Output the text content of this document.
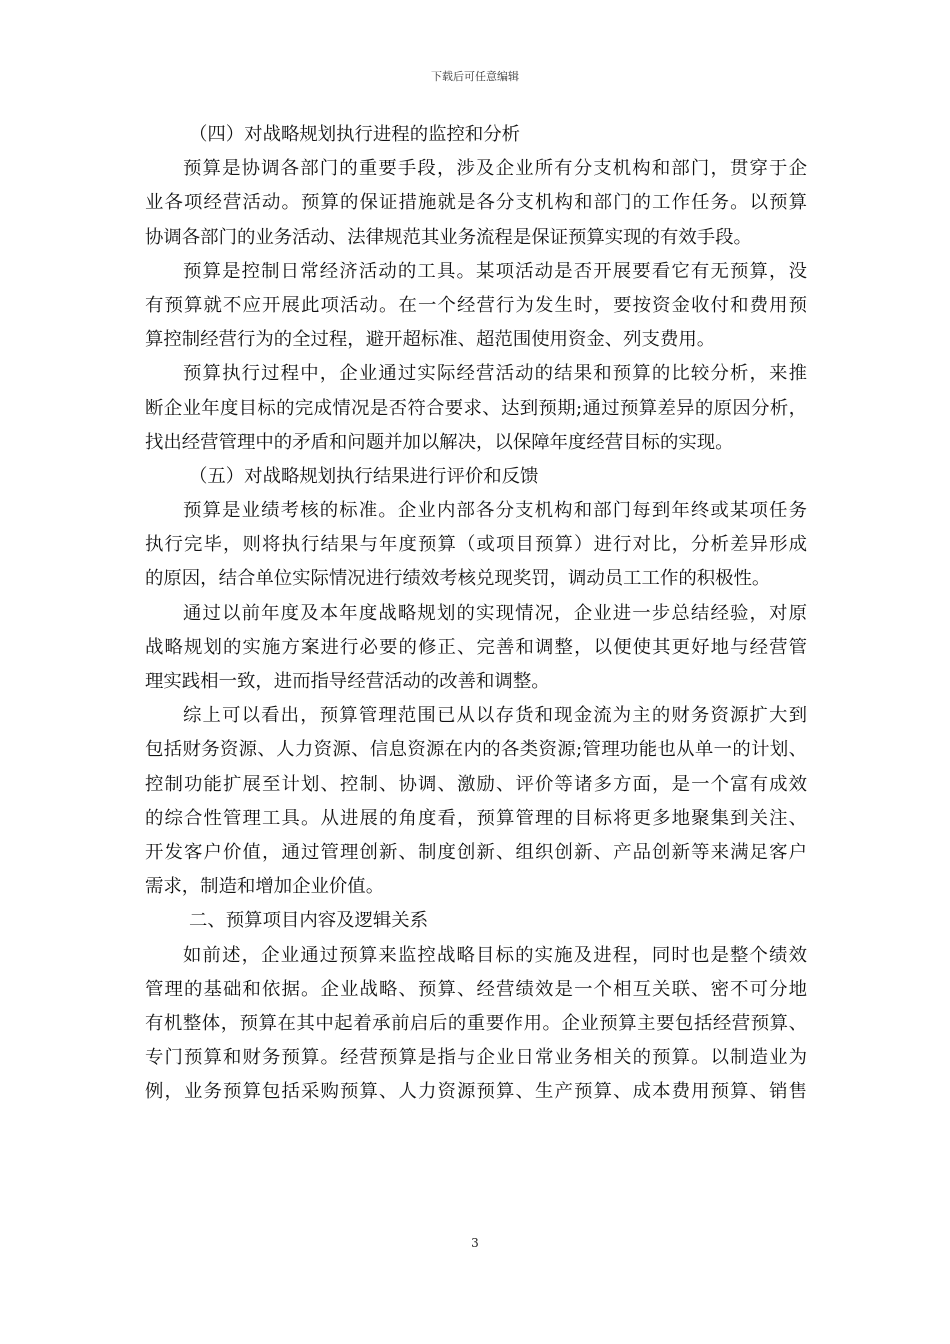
下载后可任意编辑
（四）对战略规划执行进程的监控和分析
预算是协调各部门的重要手段，涉及企业所有分支机构和部门，贯穿于企
业各项经营活动。预算的保证措施就是各分支机构和部门的工作任务。以预算
协调各部门的业务活动、法律规范其业务流程是保证预算实现的有效手段。
预算是控制日常经济活动的工具。某项活动是否开展要看它有无预算，没
有预算就不应开展此项活动。在一个经营行为发生时，要按资金收付和费用预
算控制经营行为的全过程，避开超标准、超范围使用资金、列支费用。
预算执行过程中，企业通过实际经营活动的结果和预算的比较分析，来推
断企业年度目标的完成情况是否符合要求、达到预期;通过预算差异的原因分析，
找出经营管理中的矛盾和问题并加以解决，以保障年度经营目标的实现。
（五）对战略规划执行结果进行评价和反馈
预算是业绩考核的标准。企业内部各分支机构和部门每到年终或某项任务
执行完毕，则将执行结果与年度预算（或项目预算）进行对比，分析差异形成
的原因，结合单位实际情况进行绩效考核兑现奖罚，调动员工工作的积极性。
通过以前年度及本年度战略规划的实现情况，企业进一步总结经验，对原
战略规划的实施方案进行必要的修正、完善和调整，以便使其更好地与经营管
理实践相一致，进而指导经营活动的改善和调整。
综上可以看出，预算管理范围已从以存货和现金流为主的财务资源扩大到
包括财务资源、人力资源、信息资源在内的各类资源;管理功能也从单一的计划、
控制功能扩展至计划、控制、协调、激励、评价等诸多方面，是一个富有成效
的综合性管理工具。从进展的角度看，预算管理的目标将更多地聚集到关注、
开发客户价值，通过管理创新、制度创新、组织创新、产品创新等来满足客户
需求，制造和增加企业价值。
二、预算项目内容及逻辑关系
如前述，企业通过预算来监控战略目标的实施及进程，同时也是整个绩效
管理的基础和依据。企业战略、预算、经营绩效是一个相互关联、密不可分地
有机整体，预算在其中起着承前启后的重要作用。企业预算主要包括经营预算、
专门预算和财务预算。经营预算是指与企业日常业务相关的预算。以制造业为
例，业务预算包括采购预算、人力资源预算、生产预算、成本费用预算、销售
3
